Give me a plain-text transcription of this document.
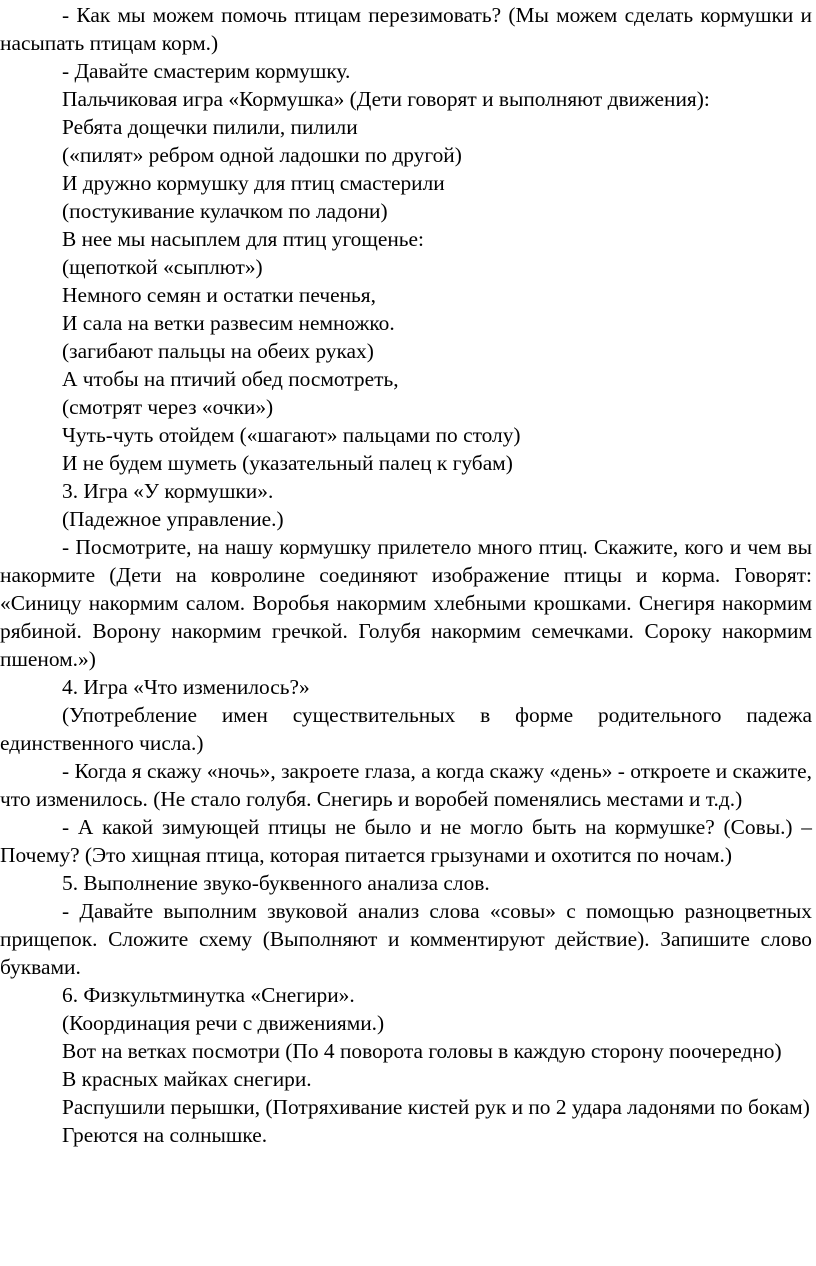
- Как мы можем помочь птицам перезимовать? (Мы можем сделать кормушки и насыпать птицам корм.)

- Давайте смастерим кормушку.

Пальчиковая игра «Кормушка» (Дети говорят и выполняют движения):

Ребята дощечки пилили, пилили

(«пилят» ребром одной ладошки по другой)

И дружно кормушку для птиц смастерили

(постукивание кулачком по ладони)

В нее мы насыплем для птиц угощенье:

(щепоткой «сыплют»)

Немного семян и остатки печенья,

И сала на ветки развесим немножко.

(загибают пальцы на обеих руках)

А чтобы на птичий обед посмотреть,

(смотрят через «очки»)

Чуть-чуть отойдем («шагают» пальцами по столу)

И не будем шуметь (указательный палец к губам)

3. Игра «У кормушки».

(Падежное управление.)

- Посмотрите, на нашу кормушку прилетело много птиц. Скажите, кого и чем вы накормите (Дети на ковролине соединяют изображение птицы и корма. Говорят: «Синицу накормим салом. Воробья накормим хлебными крошками. Снегиря накормим рябиной. Ворону накормим гречкой. Голубя накормим семечками. Сороку накормим пшеном.»)

4. Игра «Что изменилось?»

(Употребление имен существительных в форме родительного падежа единственного числа.)

- Когда я скажу «ночь», закроете глаза, а когда скажу «день» - откроете и скажите, что изменилось. (Не стало голубя. Снегирь и воробей поменялись местами и т.д.)

- А какой зимующей птицы не было и не могло быть на кормушке? (Совы.) – Почему? (Это хищная птица, которая питается грызунами и охотится по ночам.)

5. Выполнение звуко-буквенного анализа слов.

- Давайте выполним звуковой анализ слова «совы» с помощью разноцветных прищепок. Сложите схему (Выполняют и комментируют действие). Запишите слово буквами.

6. Физкультминутка «Снегири».

(Координация речи с движениями.)

Вот на ветках посмотри (По 4 поворота головы в каждую сторону поочередно)

В красных майках снегири.

Распушили перышки, (Потряхивание кистей рук и по 2 удара ладонями по бокам)

Греются на солнышке.
